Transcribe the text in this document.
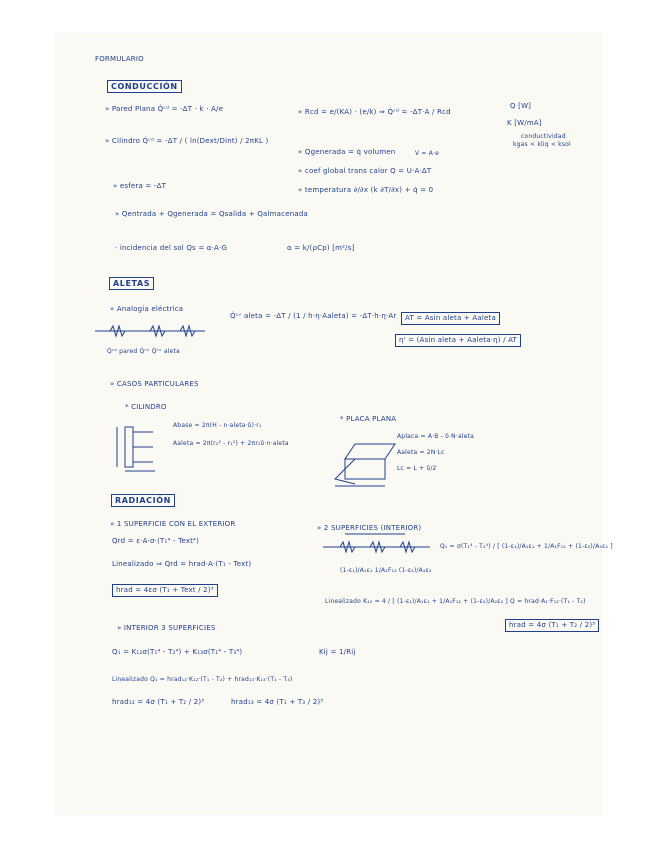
FORMULARIO
CONDUCCIÓN
» Pared Plana Q̇ᶜᵈ = -ΔT · k · A/e	» Rcd = e/(KA) · (e/k) ⇒ Q̇ᶜᵈ = -ΔT·A / Rcd
Q [W]
K [W/mA]
conductividad
kgas < kliq < ksol
» Cilindro Q̇ᶜᵈ = -ΔT / ( ln(Dext/Dint) / 2πKL )
» Qgenerada = q̇ volumen	V = A·e
» coef global trans calor Q = U·A·ΔT
» esfera = -ΔT	» temperatura ∂/∂x (k ∂T/∂x) + q̇ = 0
» Qentrada + Qgenerada = Qsalida + Qalmacenada
· incidencia del sol Qs = α·A·G	α = k/(ρCp) [m²/s]
ALETAS
» Analogía eléctrica
Q̇ᶜᵛ aleta = -ΔT / (1 / h·η·Aaleta) = -ΔT·h·η·Ar	AT = Asin aleta + Aaleta
η' = (Asin aleta + Aaleta·η) / AT
Q̇ᶜᵈ pared Q̇ᶜᵛ Q̇ᶜᵛ aleta
» CASOS PARTICULARES
* CILINDRO
Abase = 2π(H - n·aleta·δ)·r₁
Aaleta = 2π(r₂² - r₁²) + 2πr₂δ·n·aleta
* PLACA PLANA
Aplaca = A·B - δ·N·aleta
Aaleta = 2N·Lc
Lc = L + δ/2
RADIACIÓN
» 1 SUPERFICIE CON EL EXTERIOR
Qrd = ε·A·σ·(T₁⁴ - Text⁴)
Linealizado ⇒ Qrd = hrad·A·(T₁ - Text)
hrad = 4εσ (T₁ + Text / 2)³
» 2 SUPERFICIES (INTERIOR)
Q₁ = σ(T₁⁴ - T₂⁴) / [ (1-ε₁)/A₁ε₁ + 1/A₁F₁₂ + (1-ε₂)/A₂ε₂ ]
(1-ε₁)/A₁ε₁ 1/A₁F₁₂ (1-ε₂)/A₂ε₂
Linealizado K₁₂ = 4 / [ (1-ε₁)/A₁ε₁ + 1/A₁F₁₂ + (1-ε₂)/A₂ε₂ ] Q = hrad·A₁·F₁₂·(T₁ - T₂)
hrad = 4σ (T₁ + T₂ / 2)³
» INTERIOR 3 SUPERFICIES
Q₁ = K₁₂σ(T₁⁴ - T₂⁴) + K₁₃σ(T₁⁴ - T₃⁴)	Kij = 1/Rij
Linealizado Q₁ = hrad₁₂·K₁₂·(T₁ - T₂) + hrad₁₃·K₁₃·(T₁ - T₃)
hrad₁₂ = 4σ (T₁ + T₂ / 2)³	hrad₁₃ = 4σ (T₁ + T₃ / 2)³
